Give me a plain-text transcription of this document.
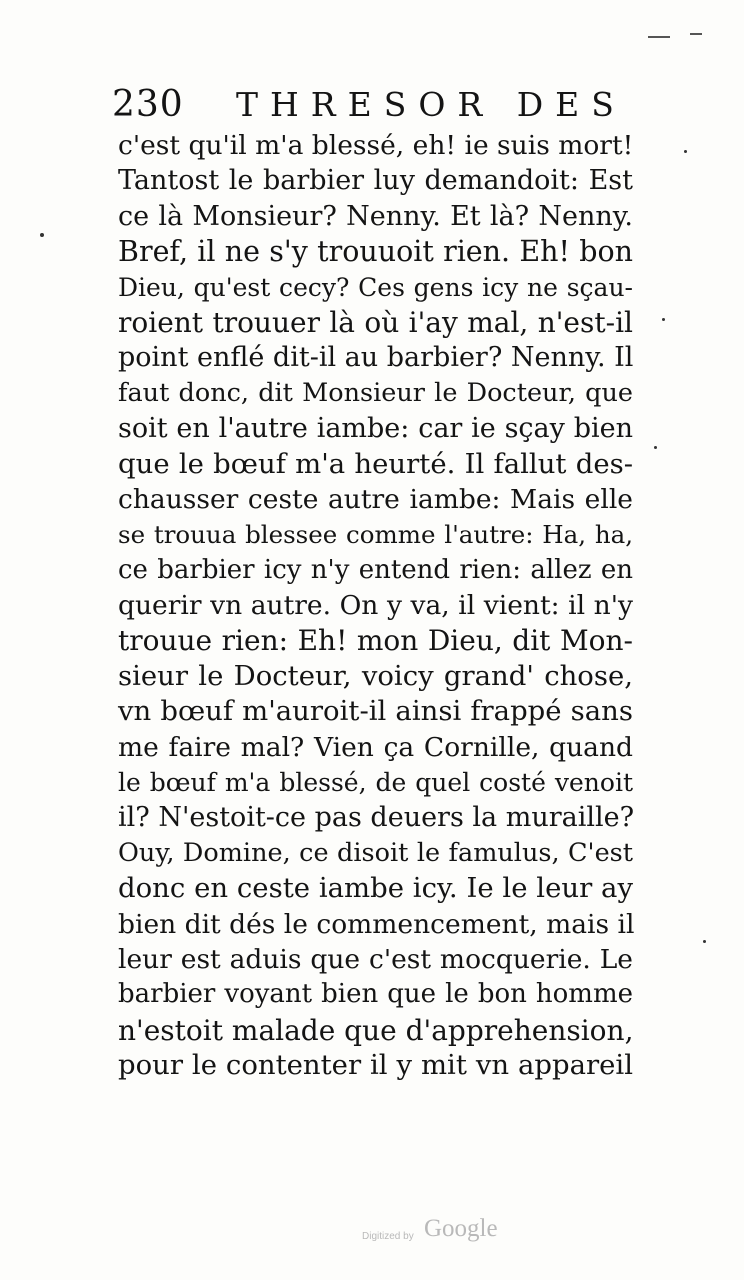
230 THRESOR DES
c'est qu'il m'a blessé, eh! ie suis mort!
Tantost le barbier luy demandoit: Est
ce là Monsieur? Nenny. Et là? Nenny.
Bref, il ne s'y trouuoit rien. Eh! bon
Dieu, qu'est cecy? Ces gens icy ne sçau-
roient trouuer là où i'ay mal, n'est-il
point enflé dit-il au barbier? Nenny. Il
faut donc, dit Monsieur le Docteur, que
soit en l'autre iambe: car ie sçay bien
que le bœuf m'a heurté. Il fallut des-
chausser ceste autre iambe: Mais elle
se trouua blessee comme l'autre: Ha, ha,
ce barbier icy n'y entend rien: allez en
querir vn autre. On y va, il vient: il n'y
trouue rien: Eh! mon Dieu, dit Mon-
sieur le Docteur, voicy grand' chose,
vn bœuf m'auroit-il ainsi frappé sans
me faire mal? Vien ça Cornille, quand
le bœuf m'a blessé, de quel costé venoit
il? N'estoit-ce pas deuers la muraille?
Ouy, Domine, ce disoit le famulus, C'est
donc en ceste iambe icy. Ie le leur ay
bien dit dés le commencement, mais il
leur est aduis que c'est mocquerie. Le
barbier voyant bien que le bon homme
n'estoit malade que d'apprehension,
pour le contenter il y mit vn appareil
Digitized by Google
